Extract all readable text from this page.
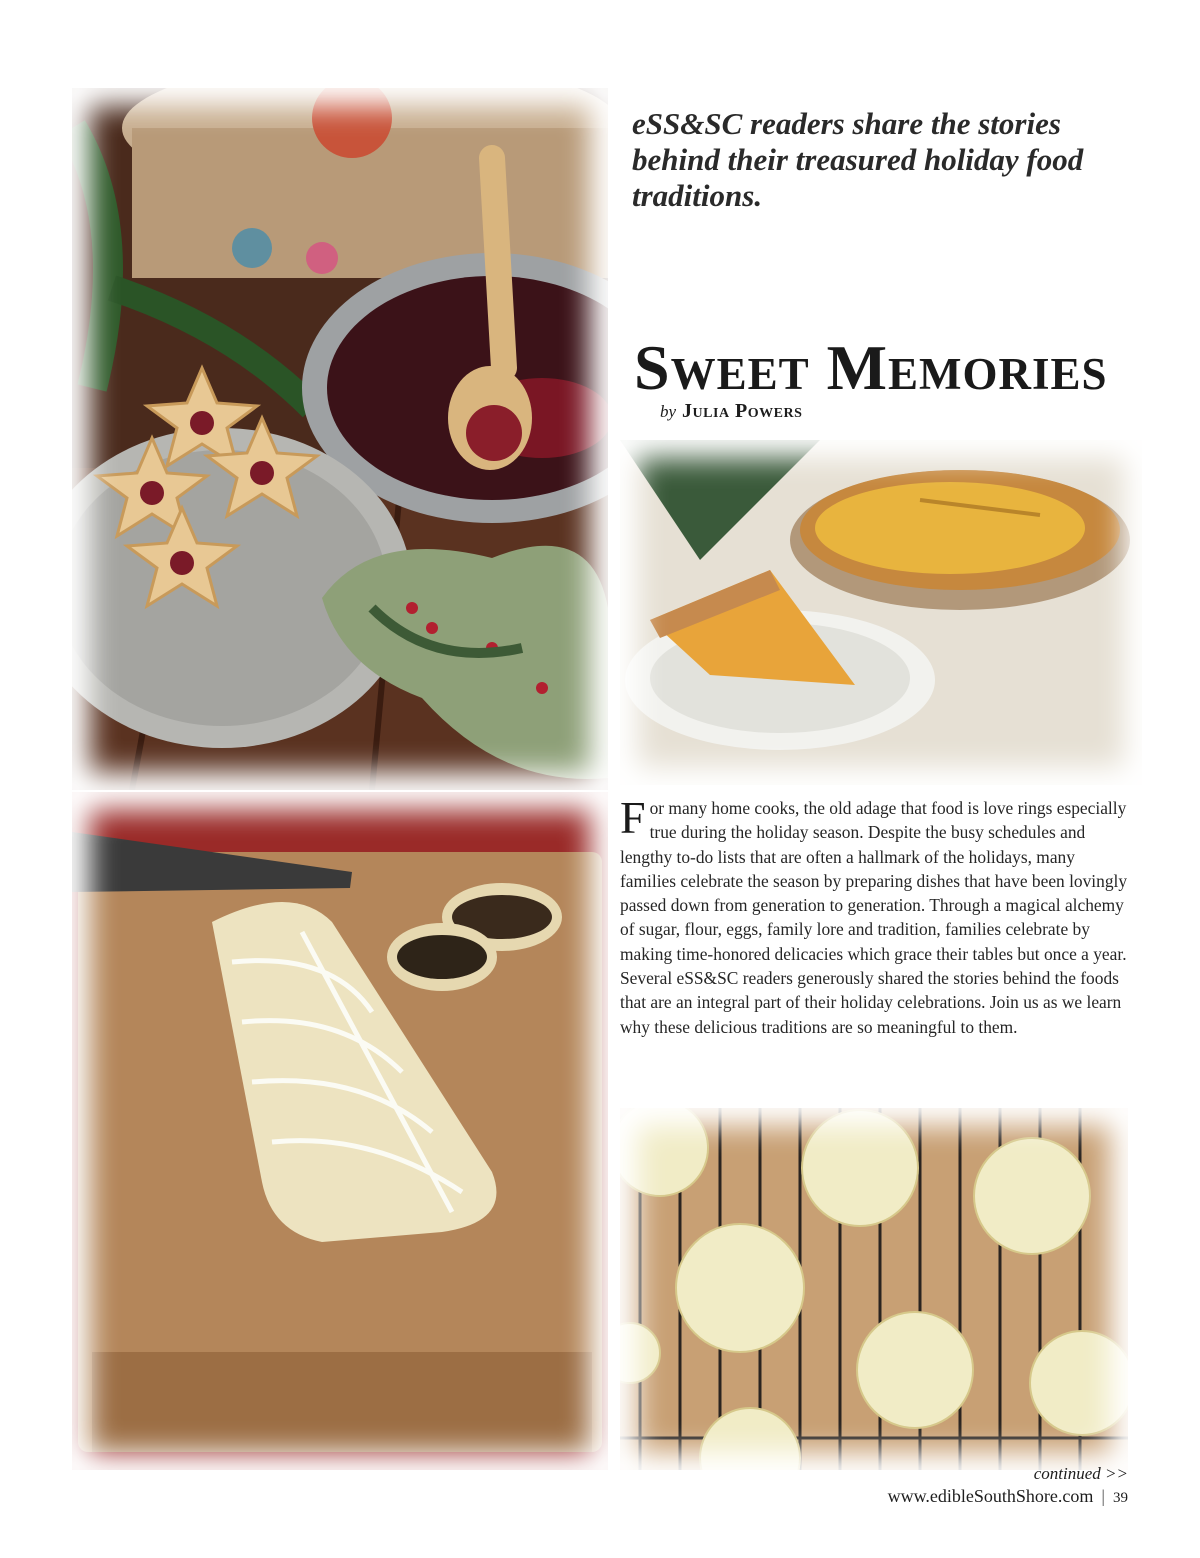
eSS&SC readers share the stories behind their treasured holiday food traditions.
Sweet Memories

by Julia Powers

For many home cooks, the old adage that food is love rings especially true during the holiday season. Despite the busy schedules and lengthy to-do lists that are often a hallmark of the holidays, many families celebrate the season by preparing dishes that have been lovingly passed down from generation to generation. Through a magical alchemy of sugar, flour, eggs, family lore and tradition, families celebrate by making time-honored delicacies which grace their tables but once a year. Several eSS&SC readers generously shared the stories behind the foods that are an integral part of their holiday celebrations. Join us as we learn why these delicious traditions are so meaningful to them.

continued >>

www.edibleSouthShore.com | 39
